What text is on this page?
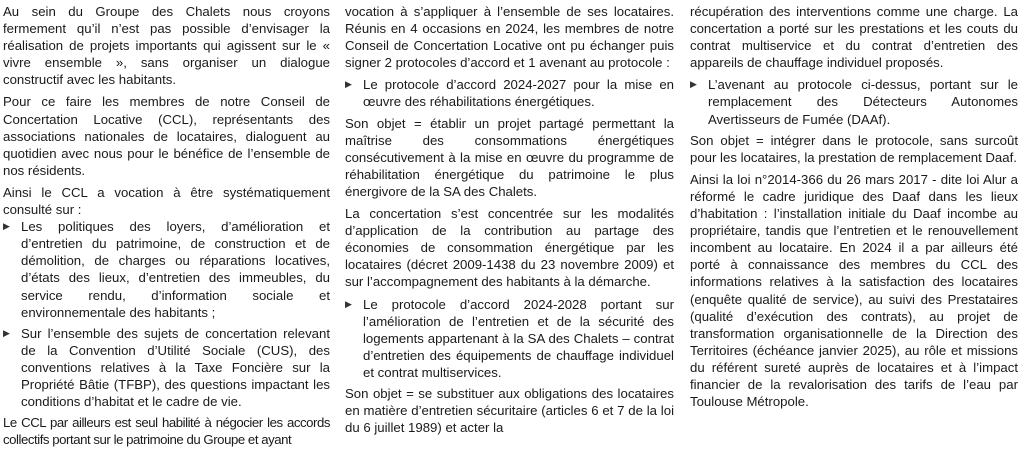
Au sein du Groupe des Chalets nous croyons fermement qu’il n’est pas possible d’envisager la réalisation de projets importants qui agissent sur le « vivre ensemble », sans organiser un dialogue constructif avec les habitants.

Pour ce faire les membres de notre Conseil de Concertation Locative (CCL), représentants des associations nationales de locataires, dialoguent au quotidien avec nous pour le bénéfice de l’ensemble de nos résidents.

Ainsi le CCL a vocation à être systématiquement consulté sur :

▶ Les politiques des loyers, d’amélioration et d’entretien du patrimoine, de construction et de démolition, de charges ou réparations locatives, d’états des lieux, d’entretien des immeubles, du service rendu, d’information sociale et environnementale des habitants ;
▶ Sur l’ensemble des sujets de concertation relevant de la Convention d’Utilité Sociale (CUS), des conventions relatives à la Taxe Foncière sur la Propriété Bâtie (TFBP), des questions impactant les conditions d’habitat et le cadre de vie.

Le CCL par ailleurs est seul habilité à négocier les accords collectifs portant sur le patrimoine du Groupe et ayant

vocation à s’appliquer à l’ensemble de ses locataires. Réunis en 4 occasions en 2024, les membres de notre Conseil de Concertation Locative ont pu échanger puis signer 2 protocoles d’accord et 1 avenant au protocole :

▶ Le protocole d’accord 2024-2027 pour la mise en œuvre des réhabilitations énergétiques.

Son objet = établir un projet partagé permettant la maîtrise des consommations énergétiques consécutivement à la mise en œuvre du programme de réhabilitation énergétique du patrimoine le plus énergivore de la SA des Chalets.

La concertation s’est concentrée sur les modalités d’application de la contribution au partage des économies de consommation énergétique par les locataires (décret 2009-1438 du 23 novembre 2009) et sur l’accompagnement des habitants à la démarche.

▶ Le protocole d’accord 2024-2028 portant sur l’amélioration de l’entretien et de la sécurité des logements appartenant à la SA des Chalets – contrat d’entretien des équipements de chauffage individuel et contrat multiservices.

Son objet = se substituer aux obligations des locataires en matière d’entretien sécuritaire (articles 6 et 7 de la loi du 6 juillet 1989) et acter la

récupération des interventions comme une charge. La concertation a porté sur les prestations et les couts du contrat multiservice et du contrat d’entretien des appareils de chauffage individuel proposés.

▶ L’avenant au protocole ci-dessus, portant sur le remplacement des Détecteurs Autonomes Avertisseurs de Fumée (DAAf).

Son objet = intégrer dans le protocole, sans surcoût pour les locataires, la prestation de remplacement Daaf.

Ainsi la loi n°2014-366 du 26 mars 2017 - dite loi Alur a réformé le cadre juridique des Daaf dans les lieux d’habitation : l’installation initiale du Daaf incombe au propriétaire, tandis que l’entretien et le renouvellement incombent au locataire. En 2024 il a par ailleurs été porté à connaissance des membres du CCL des informations relatives à la satisfaction des locataires (enquête qualité de service), au suivi des Prestataires (qualité d’exécution des contrats), au projet de transformation organisationnelle de la Direction des Territoires (échéance janvier 2025), au rôle et missions du référent sureté auprès de locataires et à l’impact financier de la revalorisation des tarifs de l’eau par Toulouse Métropole.
